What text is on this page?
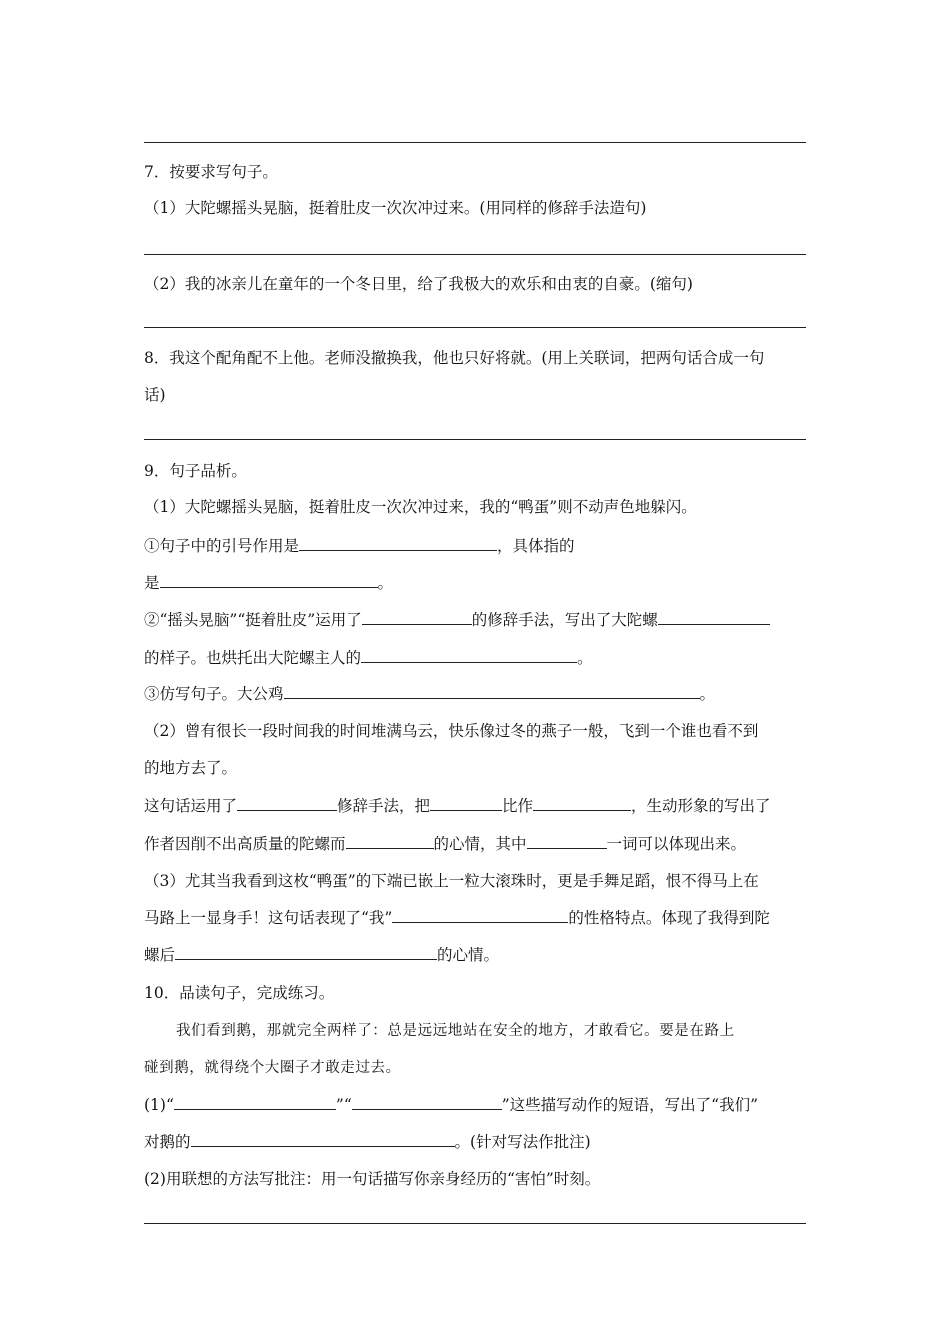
7．按要求写句子。
（1）大陀螺摇头晃脑，挺着肚皮一次次冲过来。(用同样的修辞手法造句)
（2）我的冰亲儿在童年的一个冬日里，给了我极大的欢乐和由衷的自豪。(缩句)
8．我这个配角配不上他。老师没撤换我，他也只好将就。(用上关联词，把两句话合成一句
话)
9．句子品析。
（1）大陀螺摇头晃脑，挺着肚皮一次次冲过来，我的“鸭蛋”则不动声色地躲闪。
①句子中的引号作用是	，具体指的
是	。
②“摇头晃脑”“挺着肚皮”运用了	的修辞手法，写出了大陀螺
的样子。也烘托出大陀螺主人的	。
③仿写句子。大公鸡	。
（2）曾有很长一段时间我的时间堆满乌云，快乐像过冬的燕子一般，飞到一个谁也看不到
的地方去了。
这句话运用了	修辞手法，把	比作	，生动形象的写出了
作者因削不出高质量的陀螺而	的心情，其中	一词可以体现出来。
（3）尤其当我看到这枚“鸭蛋”的下端已嵌上一粒大滚珠时，更是手舞足蹈，恨不得马上在
马路上一显身手！这句话表现了“我”	的性格特点。体现了我得到陀
螺后	的心情。
10．品读句子，完成练习。
我们看到鹅，那就完全两样了：总是远远地站在安全的地方，才敢看它。要是在路上
碰到鹅，就得绕个大圈子才敢走过去。
(1)“	”“	”这些描写动作的短语，写出了“我们”
对鹅的	。(针对写法作批注)
(2)用联想的方法写批注：用一句话描写你亲身经历的“害怕”时刻。
